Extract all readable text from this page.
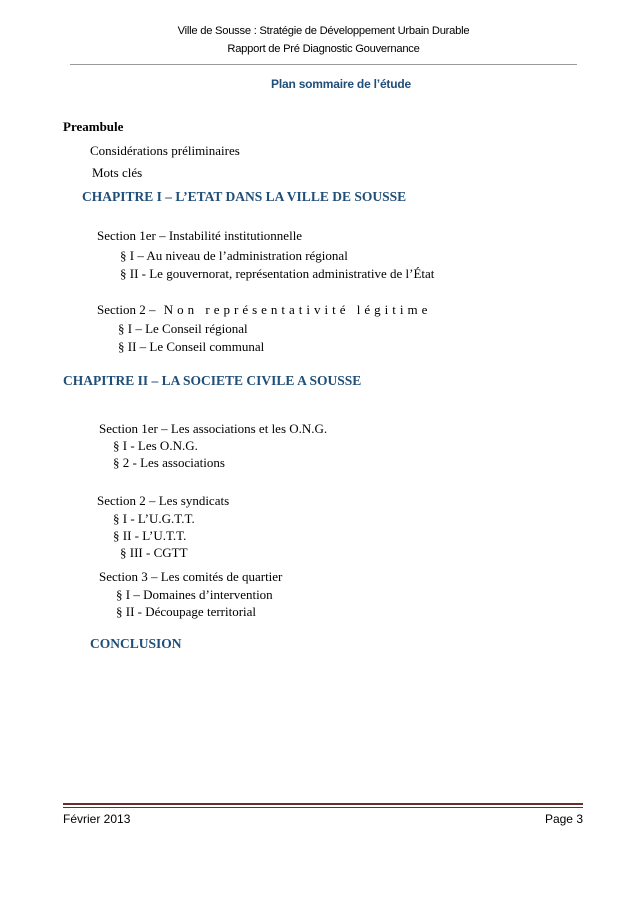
Ville de Sousse : Stratégie de Développement Urbain Durable
Rapport de Pré Diagnostic Gouvernance
Plan sommaire de l’étude
Preambule
Considérations préliminaires
Mots clés
CHAPITRE I – L’ETAT DANS LA VILLE DE SOUSSE
Section 1er – Instabilité institutionnelle
§ I – Au niveau de l’administration régional
§ II - Le gouvernorat, représentation administrative de l’État
Section 2 – Non représentativité légitime
§ I – Le Conseil régional
§ II – Le Conseil communal
CHAPITRE II – LA SOCIETE CIVILE A SOUSSE
Section 1er – Les associations et les O.N.G.
§ I - Les O.N.G.
§ 2 - Les associations
Section 2 – Les syndicats
§ I - L’U.G.T.T.
§ II - L’U.T.T.
§ III - CGTT
Section 3 – Les comités de quartier
§ I – Domaines d’intervention
§ II - Découpage territorial
CONCLUSION
Février 2013	Page 3
